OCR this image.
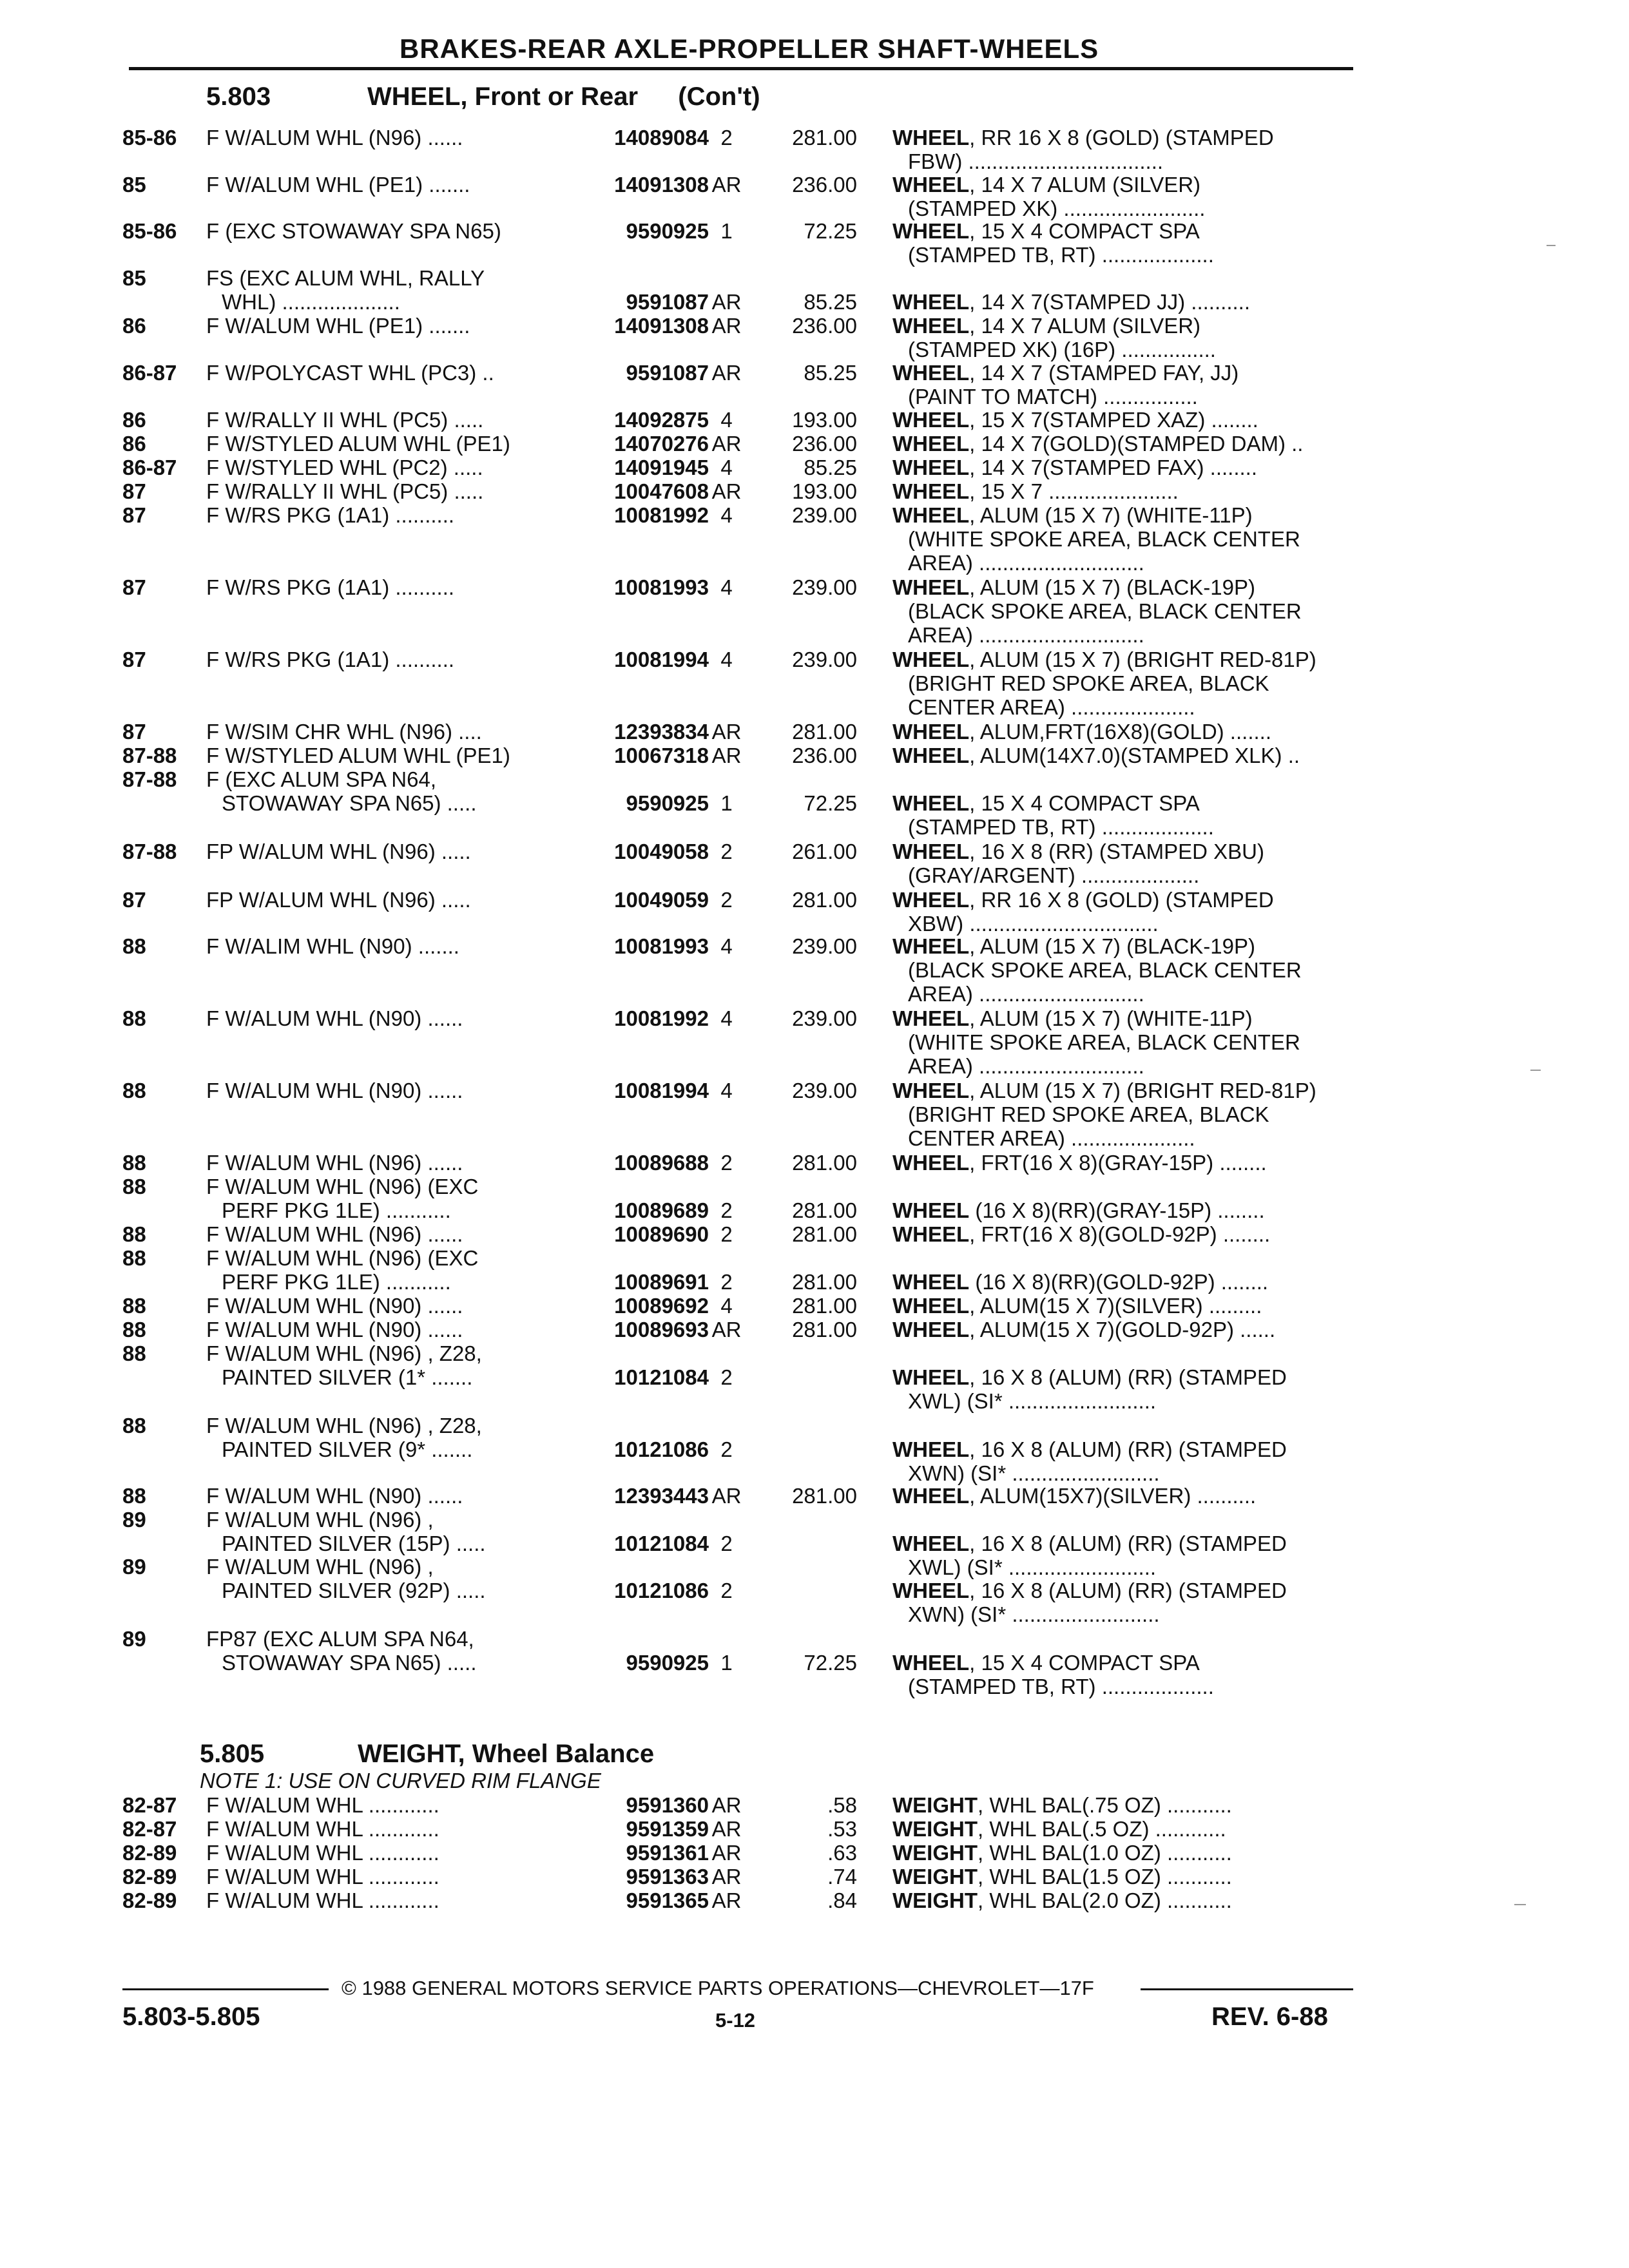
BRAKES-REAR AXLE-PROPELLER SHAFT-WHEELS
5.803	WHEEL, Front or Rear (Con't)
85-86	F W/ALUM WHL (N96) ......	14089084 2	281.00 WHEEL, RR 16 X 8 (GOLD) (STAMPED
FBW) .................................
85	F W/ALUM WHL (PE1) .......	14091308 AR	236.00 WHEEL, 14 X 7 ALUM (SILVER)
(STAMPED XK) ........................
85-86	F (EXC STOWAWAY SPA N65)	9590925 1	72.25 WHEEL, 15 X 4 COMPACT SPA
(STAMPED TB, RT) ...................
85	FS (EXC ALUM WHL, RALLY
WHL) ....................	9591087 AR	85.25 WHEEL, 14 X 7(STAMPED JJ) ..........
86	F W/ALUM WHL (PE1) .......	14091308 AR	236.00 WHEEL, 14 X 7 ALUM (SILVER)
(STAMPED XK) (16P) ................
86-87	F W/POLYCAST WHL (PC3) ..	9591087 AR	85.25 WHEEL, 14 X 7 (STAMPED FAY, JJ)
(PAINT TO MATCH) ................
86	F W/RALLY II WHL (PC5) .....	14092875 4	193.00 WHEEL, 15 X 7(STAMPED XAZ) ........
86	F W/STYLED ALUM WHL (PE1)	14070276 AR	236.00 WHEEL, 14 X 7(GOLD)(STAMPED DAM) ..
86-87	F W/STYLED WHL (PC2) .....	14091945 4	85.25 WHEEL, 14 X 7(STAMPED FAX) ........
87	F W/RALLY II WHL (PC5) .....	10047608 AR	193.00 WHEEL, 15 X 7 ......................
87	F W/RS PKG (1A1) ..........	10081992 4	239.00 WHEEL, ALUM (15 X 7) (WHITE-11P)
(WHITE SPOKE AREA, BLACK CENTER
AREA) ............................
87	F W/RS PKG (1A1) ..........	10081993 4	239.00 WHEEL, ALUM (15 X 7) (BLACK-19P)
(BLACK SPOKE AREA, BLACK CENTER
AREA) ............................
87	F W/RS PKG (1A1) ..........	10081994 4	239.00 WHEEL, ALUM (15 X 7) (BRIGHT RED-81P)
(BRIGHT RED SPOKE AREA, BLACK
CENTER AREA) .....................
87	F W/SIM CHR WHL (N96) ....	12393834 AR	281.00 WHEEL, ALUM,FRT(16X8)(GOLD) .......
87-88	F W/STYLED ALUM WHL (PE1)	10067318 AR	236.00 WHEEL, ALUM(14X7.0)(STAMPED XLK) ..
87-88	F (EXC ALUM SPA N64,
STOWAWAY SPA N65) .....	9590925 1	72.25 WHEEL, 15 X 4 COMPACT SPA
(STAMPED TB, RT) ...................
87-88	FP W/ALUM WHL (N96) .....	10049058 2	261.00 WHEEL, 16 X 8 (RR) (STAMPED XBU)
(GRAY/ARGENT) ....................
87	FP W/ALUM WHL (N96) .....	10049059 2	281.00 WHEEL, RR 16 X 8 (GOLD) (STAMPED
XBW) ................................
88	F W/ALIM WHL (N90) .......	10081993 4	239.00 WHEEL, ALUM (15 X 7) (BLACK-19P)
(BLACK SPOKE AREA, BLACK CENTER
AREA) ............................
88	F W/ALUM WHL (N90) ......	10081992 4	239.00 WHEEL, ALUM (15 X 7) (WHITE-11P)
(WHITE SPOKE AREA, BLACK CENTER
AREA) ............................
88	F W/ALUM WHL (N90) ......	10081994 4	239.00 WHEEL, ALUM (15 X 7) (BRIGHT RED-81P)
(BRIGHT RED SPOKE AREA, BLACK
CENTER AREA) .....................
88	F W/ALUM WHL (N96) ......	10089688 2	281.00 WHEEL, FRT(16 X 8)(GRAY-15P) ........
88	F W/ALUM WHL (N96) (EXC
PERF PKG 1LE) ...........	10089689 2	281.00 WHEEL (16 X 8)(RR)(GRAY-15P) ........
88	F W/ALUM WHL (N96) ......	10089690 2	281.00 WHEEL, FRT(16 X 8)(GOLD-92P) ........
88	F W/ALUM WHL (N96) (EXC
PERF PKG 1LE) ...........	10089691 2	281.00 WHEEL (16 X 8)(RR)(GOLD-92P) ........
88	F W/ALUM WHL (N90) ......	10089692 4	281.00 WHEEL, ALUM(15 X 7)(SILVER) .........
88	F W/ALUM WHL (N90) ......	10089693 AR	281.00 WHEEL, ALUM(15 X 7)(GOLD-92P) ......
88	F W/ALUM WHL (N96) , Z28,
PAINTED SILVER (1* .......	10121084 2	WHEEL, 16 X 8 (ALUM) (RR) (STAMPED
XWL) (SI* .........................
88	F W/ALUM WHL (N96) , Z28,
PAINTED SILVER (9* .......	10121086 2	WHEEL, 16 X 8 (ALUM) (RR) (STAMPED
XWN) (SI* .........................
88	F W/ALUM WHL (N90) ......	12393443 AR	281.00 WHEEL, ALUM(15X7)(SILVER) ..........
89	F W/ALUM WHL (N96) ,
PAINTED SILVER (15P) .....	10121084 2	WHEEL, 16 X 8 (ALUM) (RR) (STAMPED
XWL) (SI* .........................
89	F W/ALUM WHL (N96) ,
PAINTED SILVER (92P) .....	10121086 2	WHEEL, 16 X 8 (ALUM) (RR) (STAMPED
XWN) (SI* .........................
89	FP87 (EXC ALUM SPA N64,
STOWAWAY SPA N65) .....	9590925 1	72.25 WHEEL, 15 X 4 COMPACT SPA
(STAMPED TB, RT) ...................
5.805	WEIGHT, Wheel Balance
NOTE 1: USE ON CURVED RIM FLANGE
82-87	F W/ALUM WHL ............	9591360 AR	.58 WEIGHT, WHL BAL(.75 OZ) ...........
82-87	F W/ALUM WHL ............	9591359 AR	.53 WEIGHT, WHL BAL(.5 OZ) ............
82-89	F W/ALUM WHL ............	9591361 AR	.63 WEIGHT, WHL BAL(1.0 OZ) ...........
82-89	F W/ALUM WHL ............	9591363 AR	.74 WEIGHT, WHL BAL(1.5 OZ) ...........
82-89	F W/ALUM WHL ............	9591365 AR	.84 WEIGHT, WHL BAL(2.0 OZ) ...........
© 1988 GENERAL MOTORS SERVICE PARTS OPERATIONS—CHEVROLET—17F
5.803-5.805	5-12	REV. 6-88
